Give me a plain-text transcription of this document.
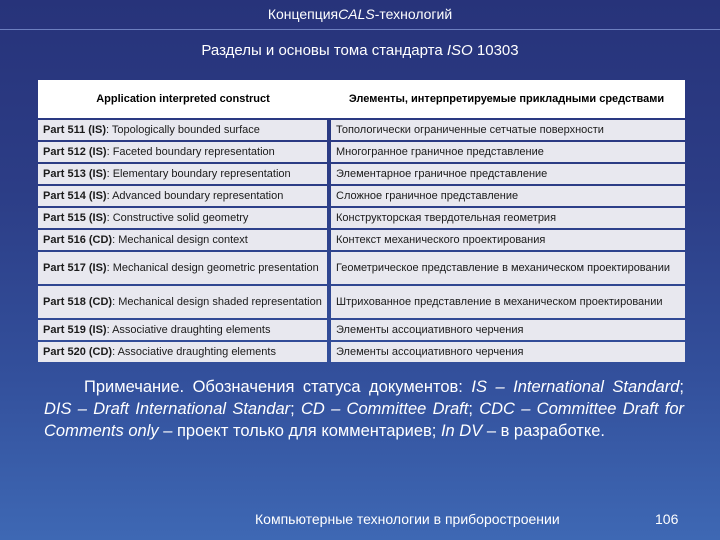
Концепция CALS -технологий
Разделы и основы тома стандарта ISO 10303
Application interpreted construct	Элементы, интерпретируемые прикладными средствами
Part 511 (IS): Topologically bounded surface	Топологически ограниченные сетчатые поверхности
Part 512 (IS): Faceted boundary representation	Многогранное граничное представление
Part 513 (IS): Elementary boundary representation	Элементарное граничное представление
Part 514 (IS): Advanced boundary representation	Сложное граничное представление
Part 515 (IS): Constructive solid geometry	Конструкторская твердотельная геометрия
Part 516 (CD): Mechanical design context	Контекст механического проектирования
Part 517 (IS): Mechanical design geometric presentation	Геометрическое представление в механическом проектировании
Part 518 (CD): Mechanical design shaded representation	Штрихованное представление в механическом проектировании
Part 519 (IS): Associative draughting elements	Элементы ассоциативного черчения
Part 520 (CD): Associative draughting elements	Элементы ассоциативного черчения
Примечание. Обозначения статуса документов: IS – International Standard; DIS – Draft International Standar; CD – Committee Draft; CDC – Committee Draft for Comments only – проект только для комментариев; In DV – в разработке.
Компьютерные технологии в приборостроении	106
